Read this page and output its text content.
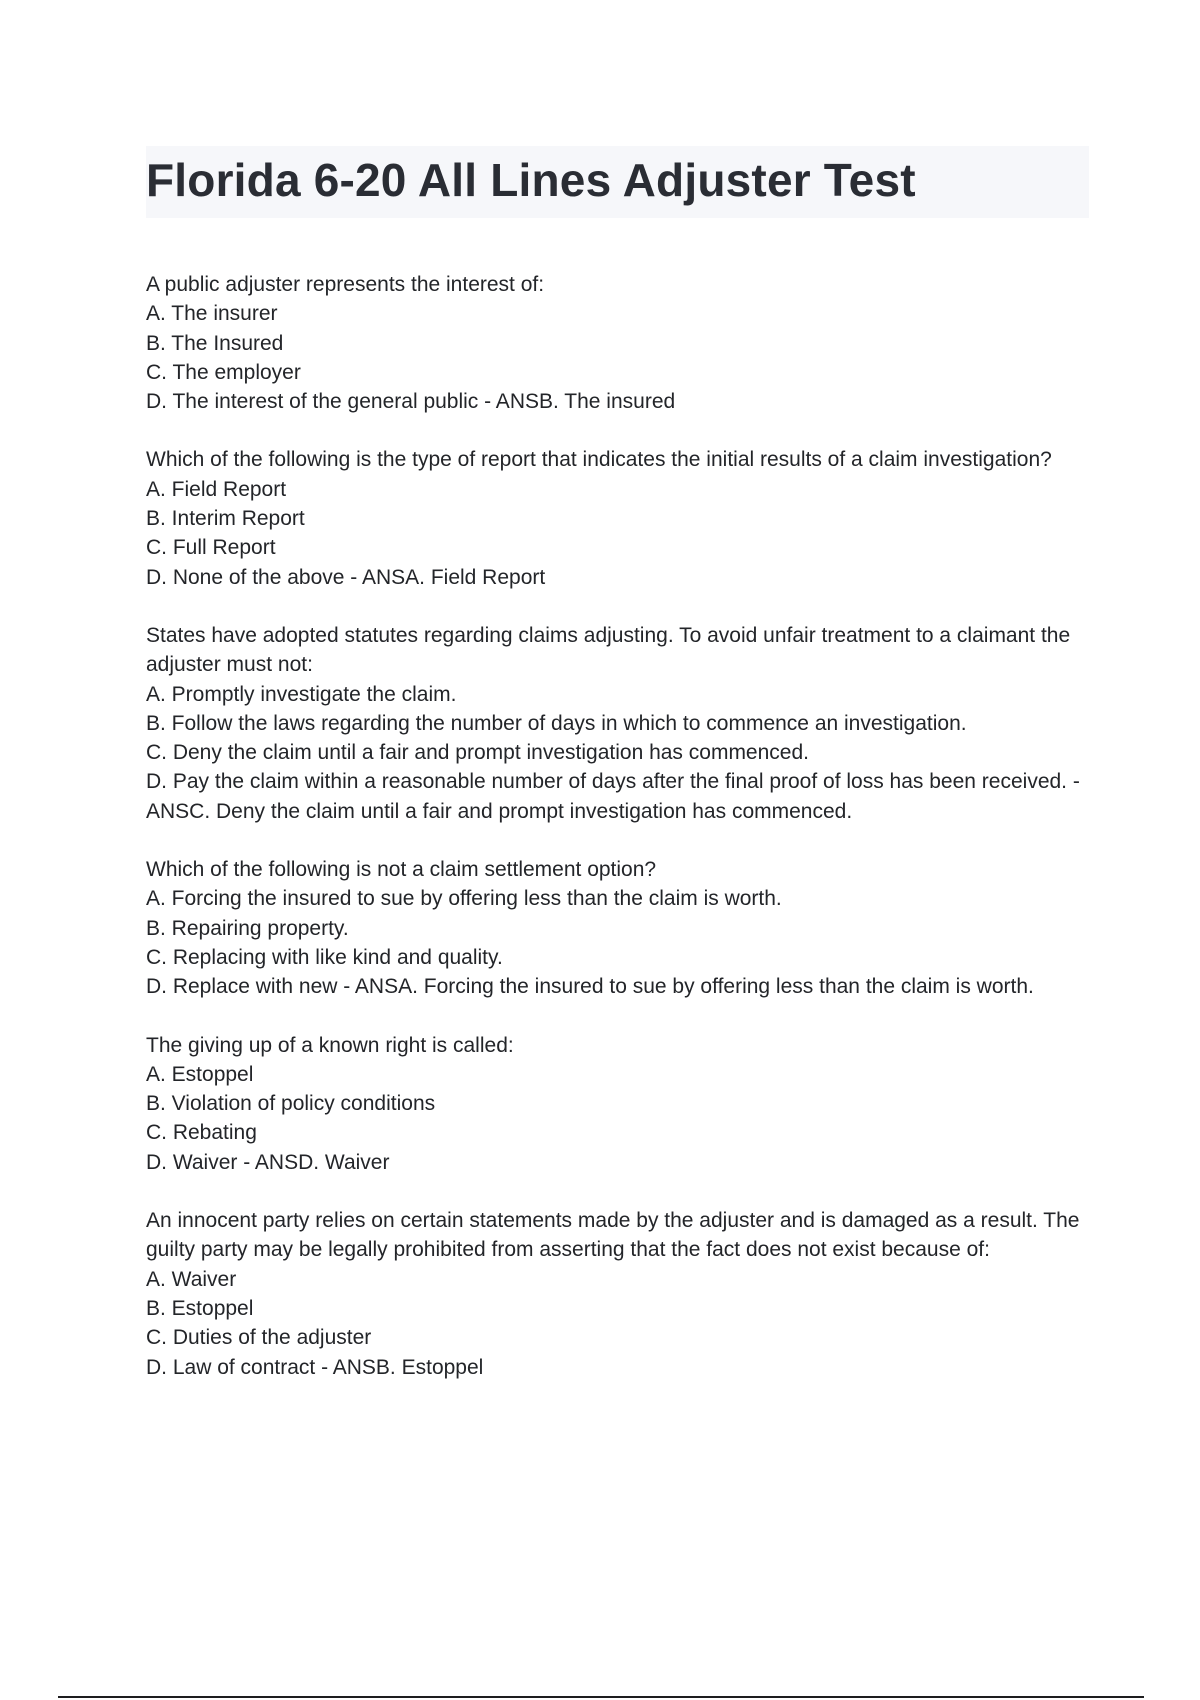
Florida 6-20 All Lines Adjuster Test

A public adjuster represents the interest of:

A. The insurer

B. The Insured

C. The employer

D. The interest of the general public - ANSB. The insured

Which of the following is the type of report that indicates the initial results of a claim investigation?

A. Field Report

B. Interim Report

C. Full Report

D. None of the above - ANSA. Field Report

States have adopted statutes regarding claims adjusting. To avoid unfair treatment to a claimant the adjuster must not:

A. Promptly investigate the claim.

B. Follow the laws regarding the number of days in which to commence an investigation.

C. Deny the claim until a fair and prompt investigation has commenced.

D. Pay the claim within a reasonable number of days after the final proof of loss has been received. - ANSC. Deny the claim until a fair and prompt investigation has commenced.

Which of the following is not a claim settlement option?

A. Forcing the insured to sue by offering less than the claim is worth.

B. Repairing property.

C. Replacing with like kind and quality.

D. Replace with new - ANSA. Forcing the insured to sue by offering less than the claim is worth.

The giving up of a known right is called:

A. Estoppel

B. Violation of policy conditions

C. Rebating

D. Waiver - ANSD. Waiver

An innocent party relies on certain statements made by the adjuster and is damaged as a result. The guilty party may be legally prohibited from asserting that the fact does not exist because of:

A. Waiver

B. Estoppel

C. Duties of the adjuster

D. Law of contract - ANSB. Estoppel
